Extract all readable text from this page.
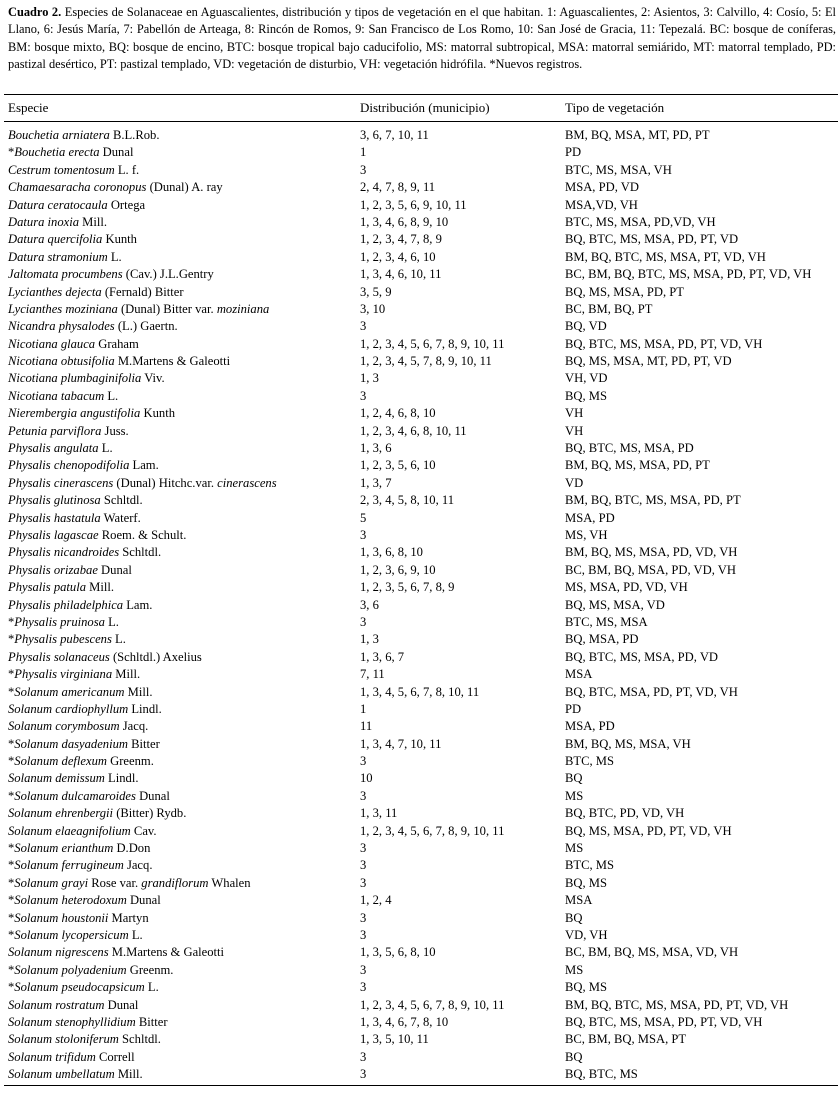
Cuadro 2. Especies de Solanaceae en Aguascalientes, distribución y tipos de vegetación en el que habitan. 1: Aguascalientes, 2: Asientos, 3: Calvillo, 4: Cosío, 5: El Llano, 6: Jesús María, 7: Pabellón de Arteaga, 8: Rincón de Romos, 9: San Francisco de Los Romo, 10: San José de Gracia, 11: Tepezalá. BC: bosque de coníferas, BM: bosque mixto, BQ: bosque de encino, BTC: bosque tropical bajo caducifolio, MS: matorral subtropical, MSA: matorral semiárido, MT: matorral templado, PD: pastizal desértico, PT: pastizal templado, VD: vegetación de disturbio, VH: vegetación hidrófila. *Nuevos registros.
Especie	Distribución (municipio)	Tipo de vegetación
Bouchetia arniatera B.L.Rob.	3, 6, 7, 10, 11	BM, BQ, MSA, MT, PD, PT
*Bouchetia erecta Dunal	1	PD
Cestrum tomentosum L. f.	3	BTC, MS, MSA, VH
Chamaesaracha coronopus (Dunal) A. ray	2, 4, 7, 8, 9, 11	MSA, PD, VD
Datura ceratocaula Ortega	1, 2, 3, 5, 6, 9, 10, 11	MSA,VD, VH
Datura inoxia Mill.	1, 3, 4, 6, 8, 9, 10	BTC, MS, MSA, PD,VD, VH
Datura quercifolia Kunth	1, 2, 3, 4, 7, 8, 9	BQ, BTC, MS, MSA, PD, PT, VD
Datura stramonium L.	1, 2, 3, 4, 6, 10	BM, BQ, BTC, MS, MSA, PT, VD, VH
Jaltomata procumbens (Cav.) J.L.Gentry	1, 3, 4, 6, 10, 11	BC, BM, BQ, BTC, MS, MSA, PD, PT, VD, VH
Lycianthes dejecta (Fernald) Bitter	3, 5, 9	BQ, MS, MSA, PD, PT
Lycianthes moziniana (Dunal) Bitter var. moziniana	3, 10	BC, BM, BQ, PT
Nicandra physalodes (L.) Gaertn.	3	BQ, VD
Nicotiana glauca Graham	1, 2, 3, 4, 5, 6, 7, 8, 9, 10, 11	BQ, BTC, MS, MSA, PD, PT, VD, VH
Nicotiana obtusifolia M.Martens & Galeotti	1, 2, 3, 4, 5, 7, 8, 9, 10, 11	BQ, MS, MSA, MT, PD, PT, VD
Nicotiana plumbaginifolia Viv.	1, 3	VH, VD
Nicotiana tabacum L.	3	BQ, MS
Nierembergia angustifolia Kunth	1, 2, 4, 6, 8, 10	VH
Petunia parviflora Juss.	1, 2, 3, 4, 6, 8, 10, 11	VH
Physalis angulata L.	1, 3, 6	BQ, BTC, MS, MSA, PD
Physalis chenopodifolia Lam.	1, 2, 3, 5, 6, 10	BM, BQ, MS, MSA, PD, PT
Physalis cinerascens (Dunal) Hitchc.var. cinerascens	1, 3, 7	VD
Physalis glutinosa Schltdl.	2, 3, 4, 5, 8, 10, 11	BM, BQ, BTC, MS, MSA, PD, PT
Physalis hastatula Waterf.	5	MSA, PD
Physalis lagascae Roem. & Schult.	3	MS, VH
Physalis nicandroides Schltdl.	1, 3, 6, 8, 10	BM, BQ, MS, MSA, PD, VD, VH
Physalis orizabae Dunal	1, 2, 3, 6, 9, 10	BC, BM, BQ, MSA, PD, VD, VH
Physalis patula Mill.	1, 2, 3, 5, 6, 7, 8, 9	MS, MSA, PD, VD, VH
Physalis philadelphica Lam.	3, 6	BQ, MS, MSA, VD
*Physalis pruinosa L.	3	BTC, MS, MSA
*Physalis pubescens L.	1, 3	BQ, MSA, PD
Physalis solanaceus (Schltdl.) Axelius	1, 3, 6, 7	BQ, BTC, MS, MSA, PD, VD
*Physalis virginiana Mill.	7, 11	MSA
*Solanum americanum Mill.	1, 3, 4, 5, 6, 7, 8, 10, 11	BQ, BTC, MSA, PD, PT, VD, VH
Solanum cardiophyllum Lindl.	1	PD
Solanum corymbosum Jacq.	11	MSA, PD
*Solanum dasyadenium Bitter	1, 3, 4, 7, 10, 11	BM, BQ, MS, MSA, VH
*Solanum deflexum Greenm.	3	BTC, MS
Solanum demissum Lindl.	10	BQ
*Solanum dulcamaroides Dunal	3	MS
Solanum ehrenbergii (Bitter) Rydb.	1, 3, 11	BQ, BTC, PD, VD, VH
Solanum elaeagnifolium Cav.	1, 2, 3, 4, 5, 6, 7, 8, 9, 10, 11	BQ, MS, MSA, PD, PT, VD, VH
*Solanum erianthum D.Don	3	MS
*Solanum ferrugineum Jacq.	3	BTC, MS
*Solanum grayi Rose var. grandiflorum Whalen	3	BQ, MS
*Solanum heterodoxum Dunal	1, 2, 4	MSA
*Solanum houstonii Martyn	3	BQ
*Solanum lycopersicum L.	3	VD, VH
Solanum nigrescens M.Martens & Galeotti	1, 3, 5, 6, 8, 10	BC, BM, BQ, MS, MSA, VD, VH
*Solanum polyadenium Greenm.	3	MS
*Solanum pseudocapsicum L.	3	BQ, MS
Solanum rostratum Dunal	1, 2, 3, 4, 5, 6, 7, 8, 9, 10, 11	BM, BQ, BTC, MS, MSA, PD, PT, VD, VH
Solanum stenophyllidium Bitter	1, 3, 4, 6, 7, 8, 10	BQ, BTC, MS, MSA, PD, PT, VD, VH
Solanum stoloniferum Schltdl.	1, 3, 5, 10, 11	BC, BM, BQ, MSA, PT
Solanum trifidum Correll	3	BQ
Solanum umbellatum Mill.	3	BQ, BTC, MS
